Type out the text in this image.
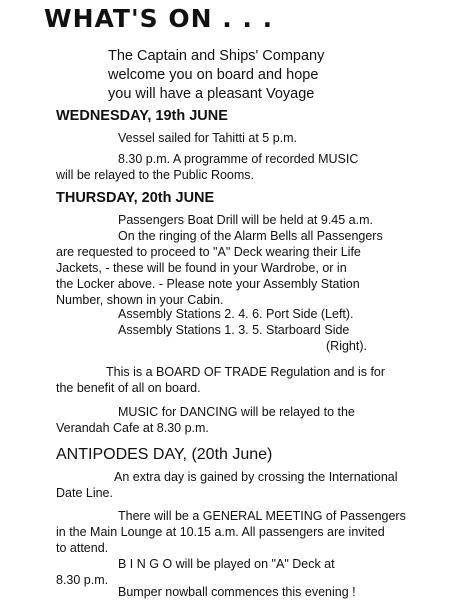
WHAT'S ON . . .
The Captain and Ships' Company
welcome you on board and hope
you will have a pleasant Voyage
WEDNESDAY, 19th JUNE
Vessel sailed for Tahitti at 5 p.m.
8.30 p.m. A programme of recorded MUSIC
will be relayed to the Public Rooms.
THURSDAY, 20th JUNE
Passengers Boat Drill will be held at 9.45 a.m.
On the ringing of the Alarm Bells all Passengers
are requested to proceed to "A" Deck wearing their Life
Jackets, - these will be found in your Wardrobe, or in
the Locker above. - Please note your Assembly Station
Number, shown in your Cabin.
Assembly Stations 2. 4. 6. Port Side (Left).
Assembly Stations 1. 3. 5. Starboard Side
(Right).
This is a BOARD OF TRADE Regulation and is for
the benefit of all on board.
MUSIC for DANCING will be relayed to the
Verandah Cafe at 8.30 p.m.
ANTIPODES DAY, (20th June)
An extra day is gained by crossing the International
Date Line.
There will be a GENERAL MEETING of Passengers
in the Main Lounge at 10.15 a.m. All passengers are invited
to attend.
B I N G O will be played on "A" Deck at
8.30 p.m.
Bumper nowball commences this evening !
